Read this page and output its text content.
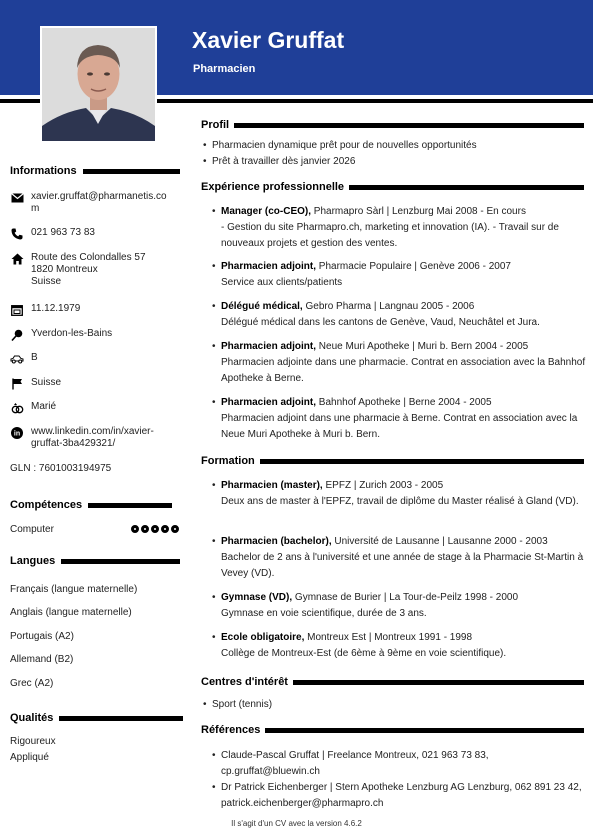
Xavier Gruffat
Pharmacien
Informations
xavier.gruffat@pharmanetis.co
m
021 963 73 83
Route des Colondalles 57
1820 Montreux
Suisse
11.12.1979
Yverdon-les-Bains
B
Suisse
Marié
in www.linkedin.com/in/xavier-
gruffat-3ba429321/
GLN : 7601003194975
Compétences
Computer
Langues
Français (langue maternelle)
Anglais (langue maternelle)
Portugais (A2)
Allemand (B2)
Grec (A2)
Qualités
Rigoureux
Appliqué
Profil
• Pharmacien dynamique prêt pour de nouvelles opportunités
• Prêt à travailler dès janvier 2026
Expérience professionnelle
• Manager (co-CEO), Pharmapro Sàrl | Lenzburg Mai 2008 - En cours
- Gestion du site Pharmapro.ch, marketing et innovation (IA). - Travail sur de nouveaux projets et gestion des ventes.
• Pharmacien adjoint, Pharmacie Populaire | Genève 2006 - 2007
Service aux clients/patients
• Délégué médical, Gebro Pharma | Langnau 2005 - 2006
Délégué médical dans les cantons de Genève, Vaud, Neuchâtel et Jura.
• Pharmacien adjoint, Neue Muri Apotheke | Muri b. Bern 2004 - 2005
Pharmacien adjointe dans une pharmacie. Contrat en association avec la Bahnhof Apotheke à Berne.
• Pharmacien adjoint, Bahnhof Apotheke | Berne 2004 - 2005
Pharmacien adjoint dans une pharmacie à Berne. Contrat en association avec la Neue Muri Apotheke à Muri b. Bern.
Formation
• Pharmacien (master), EPFZ | Zurich 2003 - 2005
Deux ans de master à l'EPFZ, travail de diplôme du Master réalisé à Gland (VD).
• Pharmacien (bachelor), Université de Lausanne | Lausanne 2000 - 2003
Bachelor de 2 ans à l'université et une année de stage à la Pharmacie St-Martin à Vevey (VD).
• Gymnase (VD), Gymnase de Burier | La Tour-de-Peilz 1998 - 2000
Gymnase en voie scientifique, durée de 3 ans.
• Ecole obligatoire, Montreux Est | Montreux 1991 - 1998
Collège de Montreux-Est (de 6ème à 9ème en voie scientifique).
Centres d'intérêt
• Sport (tennis)
Références
• Claude-Pascal Gruffat | Freelance Montreux, 021 963 73 83, cp.gruffat@bluewin.ch
• Dr Patrick Eichenberger | Stern Apotheke Lenzburg AG Lenzburg, 062 891 23 42, patrick.eichenberger@pharmapro.ch
Il s'agit d'un CV avec la version 4.6.2
